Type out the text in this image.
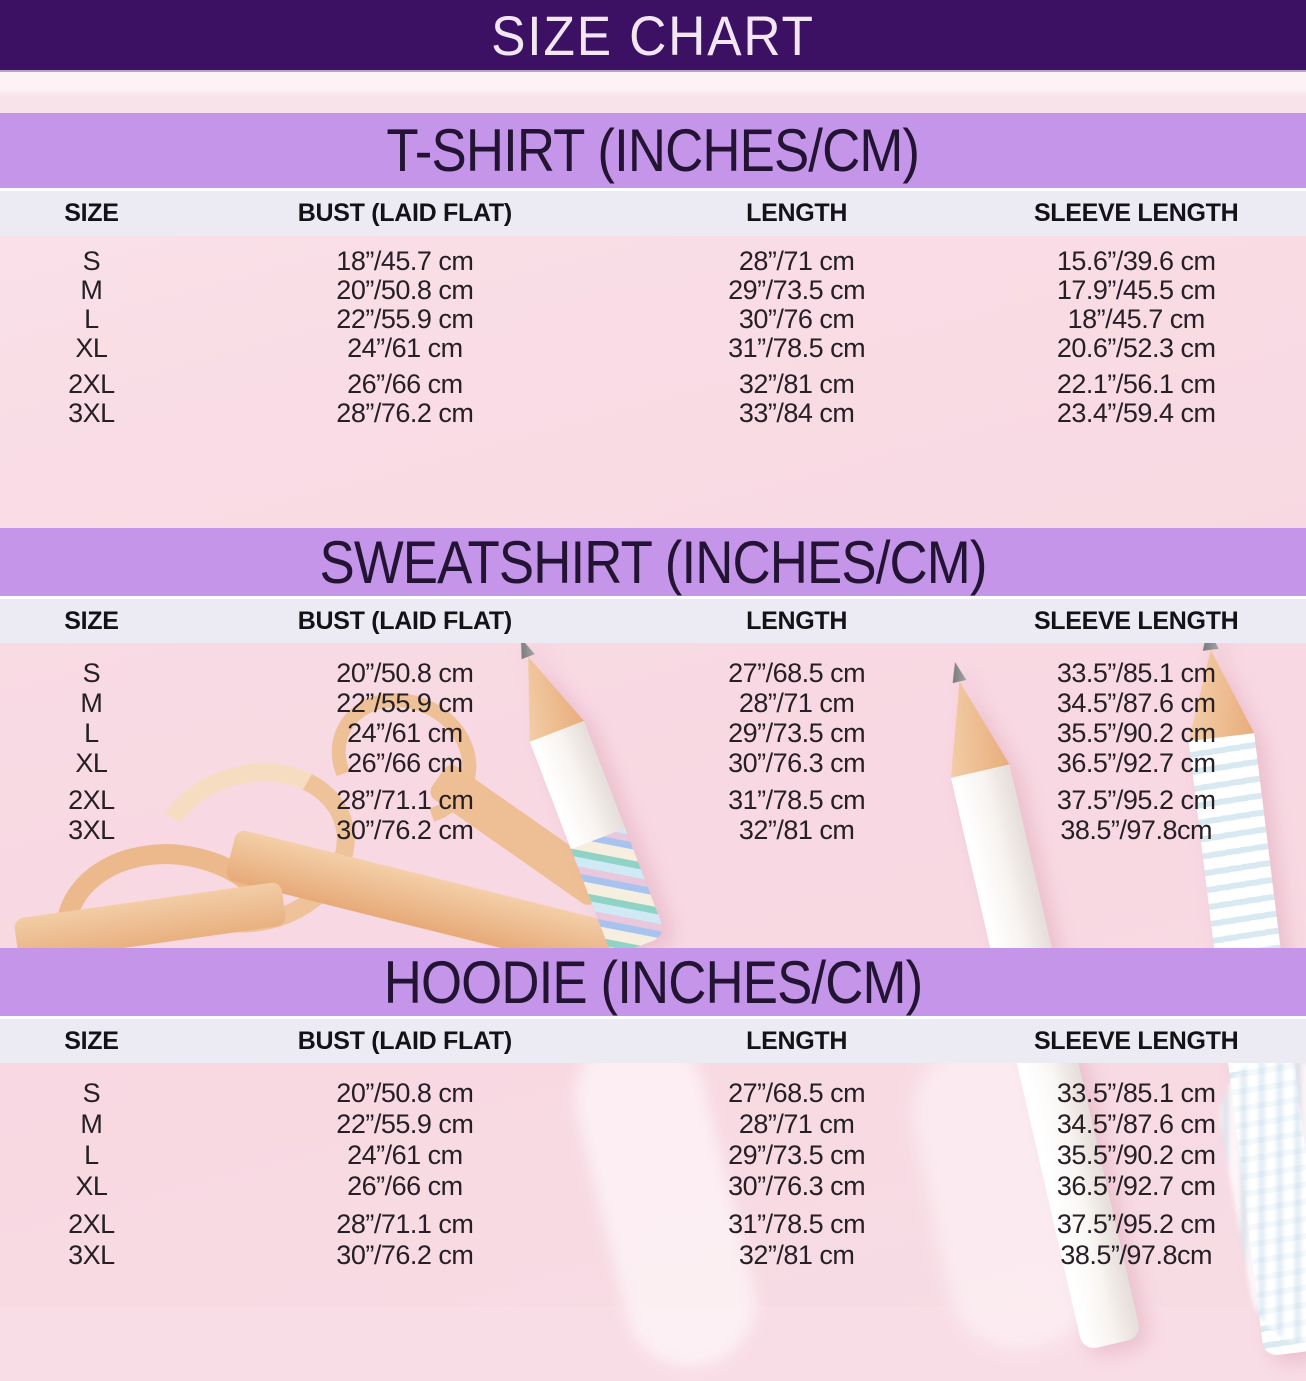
SIZE CHART
T-SHIRT (INCHES/CM)
SIZE	BUST (LAID FLAT)	LENGTH	SLEEVE LENGTH
S	18”/45.7 cm	28”/71 cm	15.6”/39.6 cm
M	20”/50.8 cm	29”/73.5 cm	17.9”/45.5 cm
L	22”/55.9 cm	30”/76 cm	18”/45.7 cm
XL	24”/61 cm	31”/78.5 cm	20.6”/52.3 cm
2XL	26”/66 cm	32”/81 cm	22.1”/56.1 cm
3XL	28”/76.2 cm	33”/84 cm	23.4”/59.4 cm
SWEATSHIRT (INCHES/CM)
SIZE	BUST (LAID FLAT)	LENGTH	SLEEVE LENGTH
S	20”/50.8 cm	27”/68.5 cm	33.5”/85.1 cm
M	22”/55.9 cm	28”/71 cm	34.5”/87.6 cm
L	24”/61 cm	29”/73.5 cm	35.5”/90.2 cm
XL	26”/66 cm	30”/76.3 cm	36.5”/92.7 cm
2XL	28”/71.1 cm	31”/78.5 cm	37.5”/95.2 cm
3XL	30”/76.2 cm	32”/81 cm	38.5”/97.8cm
HOODIE (INCHES/CM)
SIZE	BUST (LAID FLAT)	LENGTH	SLEEVE LENGTH
S	20”/50.8 cm	27”/68.5 cm	33.5”/85.1 cm
M	22”/55.9 cm	28”/71 cm	34.5”/87.6 cm
L	24”/61 cm	29”/73.5 cm	35.5”/90.2 cm
XL	26”/66 cm	30”/76.3 cm	36.5”/92.7 cm
2XL	28”/71.1 cm	31”/78.5 cm	37.5”/95.2 cm
3XL	30”/76.2 cm	32”/81 cm	38.5”/97.8cm
